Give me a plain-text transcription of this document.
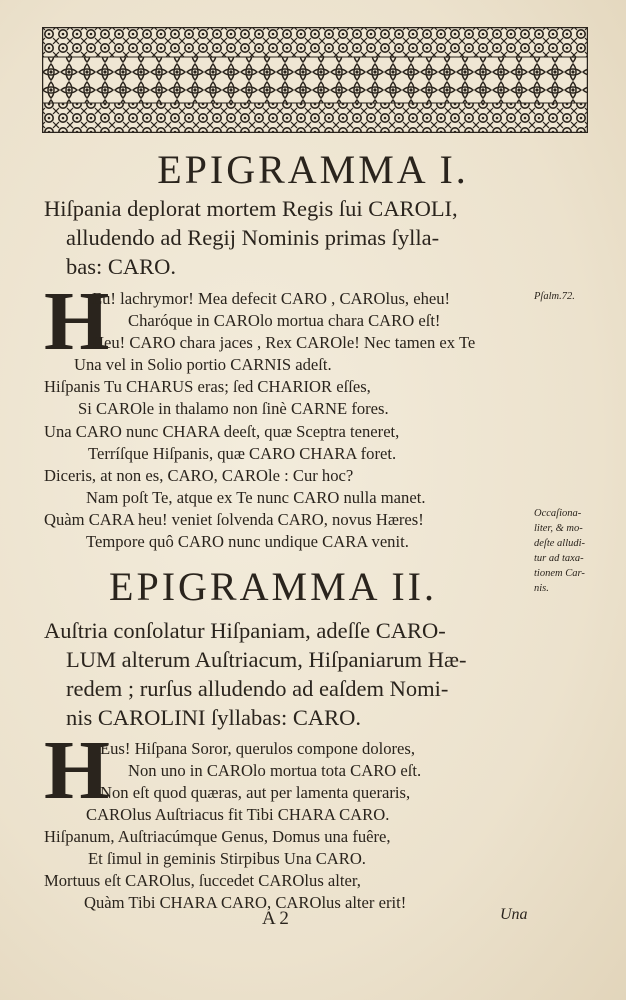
EPIGRAMMA I.
Hiſpania deplorat mortem Regis ſui CAROLI,
alludendo ad Regij Nominis primas ſylla-
bas: CARO.
H
Eu! lachrymor! Mea defecit CARO , CAROlus, eheu!
Charóque in CAROlo mortua chara CARO eſt!
Heu! CARO chara jaces , Rex CAROle! Nec tamen ex Te
Una vel in Solio portio CARNIS adeſt.
Hiſpanis Tu CHARUS eras; ſed CHARIOR eſſes,
Si CAROle in thalamo non ſinè CARNE fores.
Una CARO nunc CHARA deeſt, quæ Sceptra teneret,
Terríſque Hiſpanis, quæ CARO CHARA foret.
Diceris, at non es, CARO, CAROle : Cur hoc?
Nam poſt Te, atque ex Te nunc CARO nulla manet.
Quàm CARA heu! veniet ſolvenda CARO, novus Hæres!
Tempore quô CARO nunc undique CARA venit.
Pſalm.72.
Occaſiona-
liter, & mo-
deſte alludi-
tur ad taxa-
tionem Car-
nis.
EPIGRAMMA II.
Auſtria conſolatur Hiſpaniam, adeſſe CARO-
LUM alterum Auſtriacum, Hiſpaniarum Hæ-
redem ; rurſus alludendo ad eaſdem Nomi-
nis CAROLINI ſyllabas: CARO.
H
Eus! Hiſpana Soror, querulos compone dolores,
Non uno in CAROlo mortua tota CARO eſt.
Non eſt quod quæras, aut per lamenta queraris,
CAROlus Auſtriacus fit Tibi CHARA CARO.
Hiſpanum, Auſtriacúmque Genus, Domus una fuêre,
Et ſimul in geminis Stirpibus Una CARO.
Mortuus eſt CAROlus, ſuccedet CAROlus alter,
Quàm Tibi CHARA CARO, CAROlus alter erit!
A 2	Una
